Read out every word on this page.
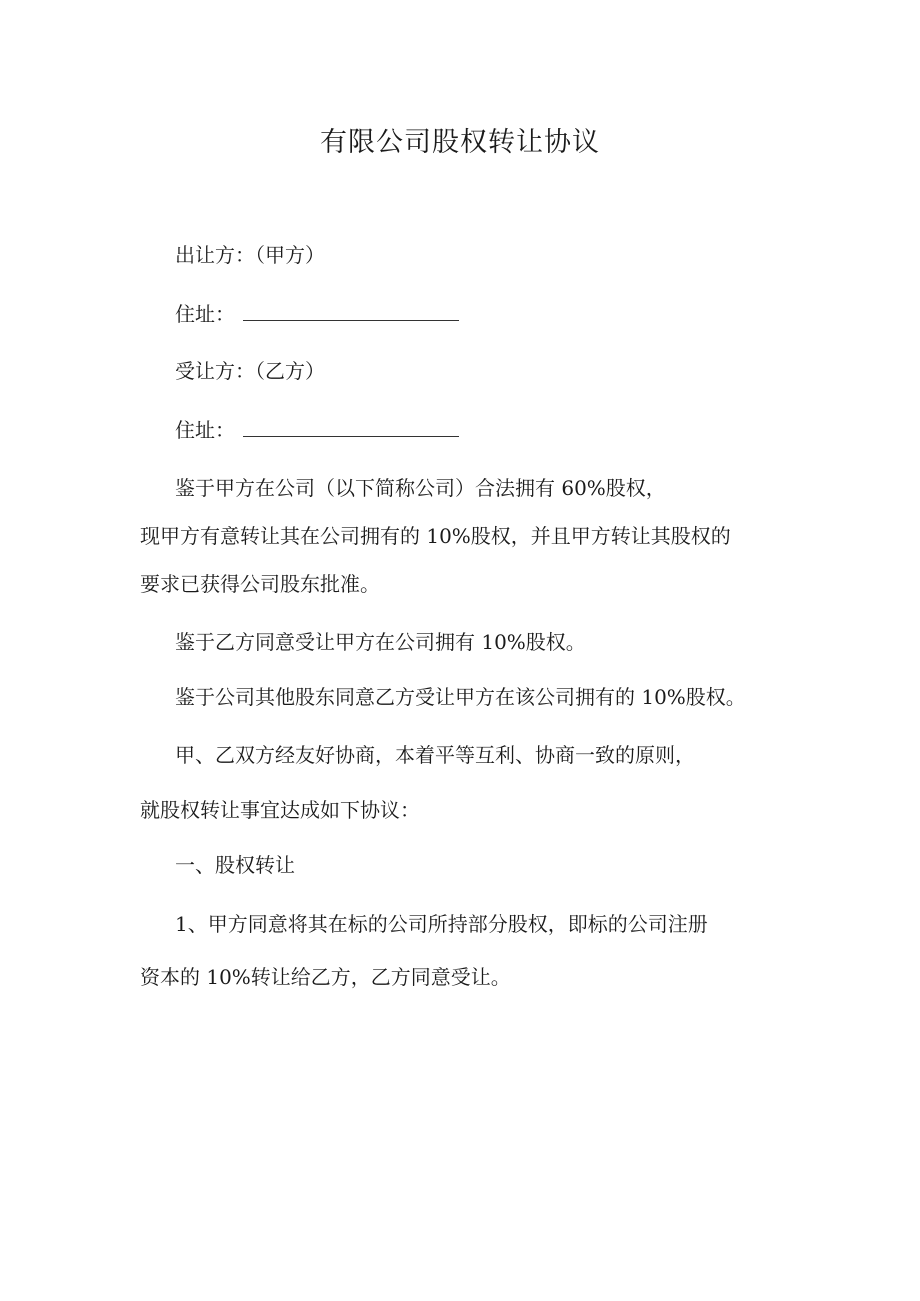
有限公司股权转让协议

出让方：（甲方）

住址：

受让方：（乙方）

住址：

鉴于甲方在公司（以下简称公司）合法拥有 60%股权，

现甲方有意转让其在公司拥有的 10%股权，并且甲方转让其股权的

要求已获得公司股东批准。

鉴于乙方同意受让甲方在公司拥有 10%股权。

鉴于公司其他股东同意乙方受让甲方在该公司拥有的 10%股权。

甲、乙双方经友好协商，本着平等互利、协商一致的原则，

就股权转让事宜达成如下协议：

一、股权转让

1、甲方同意将其在标的公司所持部分股权，即标的公司注册

资本的 10%转让给乙方，乙方同意受让。
